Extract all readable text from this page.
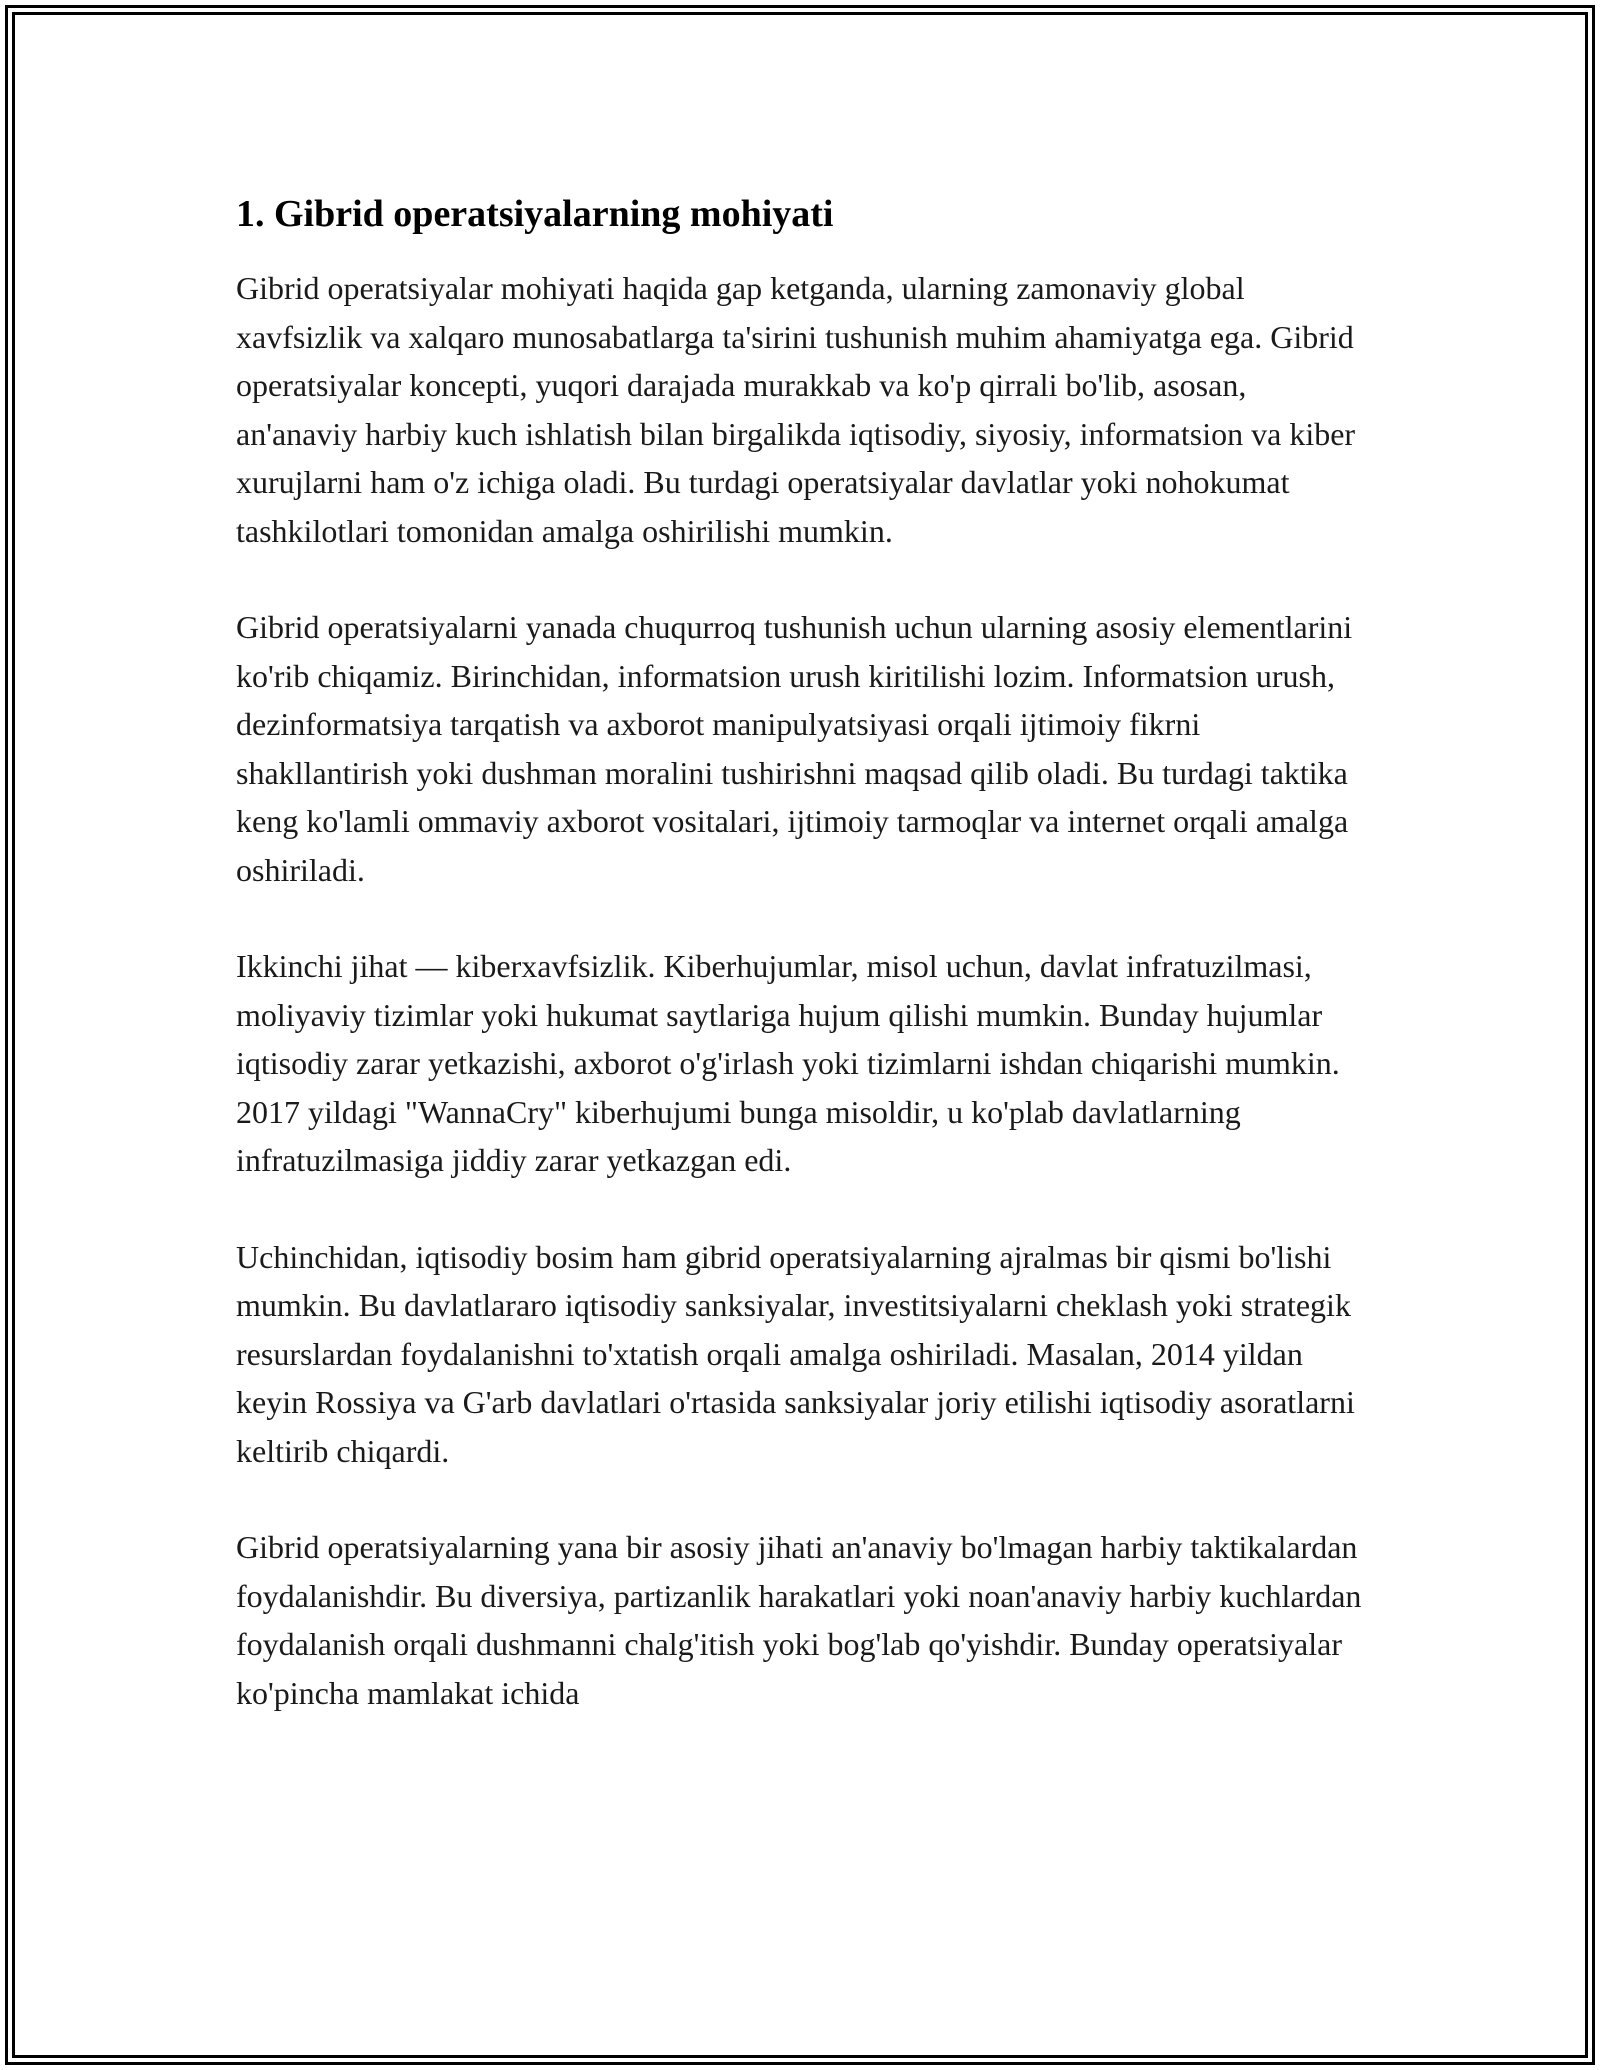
1. Gibrid operatsiyalarning mohiyati

Gibrid operatsiyalar mohiyati haqida gap ketganda, ularning zamonaviy global xavfsizlik va xalqaro munosabatlarga ta'sirini tushunish muhim ahamiyatga ega. Gibrid operatsiyalar koncepti, yuqori darajada murakkab va ko'p qirrali bo'lib, asosan, an'anaviy harbiy kuch ishlatish bilan birgalikda iqtisodiy, siyosiy, informatsion va kiber xurujlarni ham o'z ichiga oladi. Bu turdagi operatsiyalar davlatlar yoki nohokumat tashkilotlari tomonidan amalga oshirilishi mumkin.

Gibrid operatsiyalarni yanada chuqurroq tushunish uchun ularning asosiy elementlarini ko'rib chiqamiz. Birinchidan, informatsion urush kiritilishi lozim. Informatsion urush, dezinformatsiya tarqatish va axborot manipulyatsiyasi orqali ijtimoiy fikrni shakllantirish yoki dushman moralini tushirishni maqsad qilib oladi. Bu turdagi taktika keng ko'lamli ommaviy axborot vositalari, ijtimoiy tarmoqlar va internet orqali amalga oshiriladi.

Ikkinchi jihat — kiberxavfsizlik. Kiberhujumlar, misol uchun, davlat infratuzilmasi, moliyaviy tizimlar yoki hukumat saytlariga hujum qilishi mumkin. Bunday hujumlar iqtisodiy zarar yetkazishi, axborot o'g'irlash yoki tizimlarni ishdan chiqarishi mumkin. 2017 yildagi "WannaCry" kiberhujumi bunga misoldir, u ko'plab davlatlarning infratuzilmasiga jiddiy zarar yetkazgan edi.

Uchinchidan, iqtisodiy bosim ham gibrid operatsiyalarning ajralmas bir qismi bo'lishi mumkin. Bu davlatlararo iqtisodiy sanksiyalar, investitsiyalarni cheklash yoki strategik resurslardan foydalanishni to'xtatish orqali amalga oshiriladi. Masalan, 2014 yildan keyin Rossiya va G'arb davlatlari o'rtasida sanksiyalar joriy etilishi iqtisodiy asoratlarni keltirib chiqardi.

Gibrid operatsiyalarning yana bir asosiy jihati an'anaviy bo'lmagan harbiy taktikalardan foydalanishdir. Bu diversiya, partizanlik harakatlari yoki noan'anaviy harbiy kuchlardan foydalanish orqali dushmanni chalg'itish yoki bog'lab qo'yishdir. Bunday operatsiyalar ko'pincha mamlakat ichida
